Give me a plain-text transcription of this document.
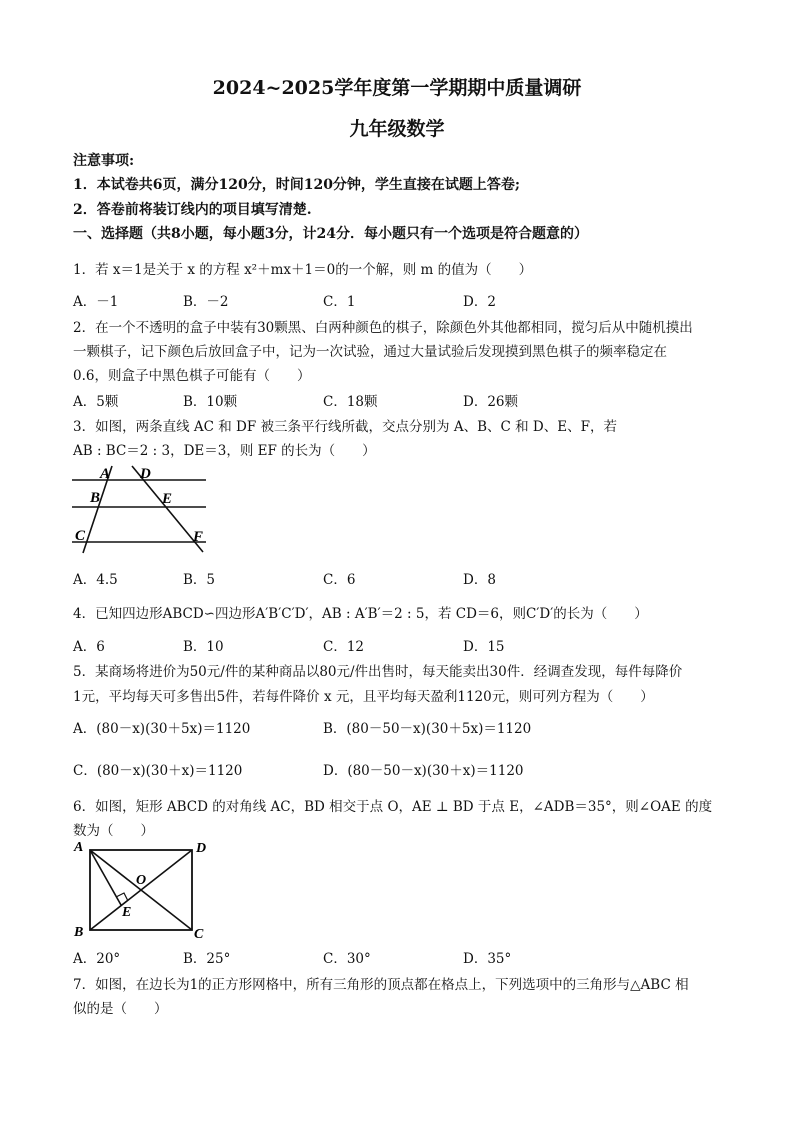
2024~2025学年度第一学期期中质量调研
九年级数学
注意事项:
1．本试卷共6页，满分120分，时间120分钟，学生直接在试题上答卷;
2．答卷前将装订线内的项目填写清楚.
一、选择题（共8小题，每小题3分，计24分．每小题只有一个选项是符合题意的）
1．若 x＝1是关于 x 的方程 x²＋mx＋1＝0的一个解，则 m 的值为（　　）
A．－1	B．－2	C．1	D．2
2．在一个不透明的盒子中装有30颗黑、白两种颜色的棋子，除颜色外其他都相同，搅匀后从中随机摸出
一颗棋子，记下颜色后放回盒子中，记为一次试验，通过大量试验后发现摸到黑色棋子的频率稳定在
0.6，则盒子中黑色棋子可能有（　　）
A．5颗	B．10颗	C．18颗	D．26颗
3．如图，两条直线 AC 和 DF 被三条平行线所截，交点分别为 A、B、C 和 D、E、F，若
AB : BC＝2 : 3，DE＝3，则 EF 的长为（　　）
A D
B	E
C	F
A．4.5	B．5	C．6	D．8
4．已知四边形ABCD∽四边形A′B′C′D′，AB : A′B′＝2 : 5，若 CD＝6，则C′D′的长为（　　）
A．6	B．10	C．12	D．15
5．某商场将进价为50元/件的某种商品以80元/件出售时，每天能卖出30件．经调查发现，每件每降价
1元，平均每天可多售出5件，若每件降价 x 元，且平均每天盈利1120元，则可列方程为（　　）
A．(80－x)(30＋5x)＝1120	B．(80－50－x)(30＋5x)＝1120
C．(80－x)(30＋x)＝1120	D．(80－50－x)(30＋x)＝1120
6．如图，矩形 ABCD 的对角线 AC，BD 相交于点 O，AE ⊥ BD 于点 E，∠ADB＝35°，则∠OAE 的度
数为（　　）
A	D
O
E
B	C
A．20°	B．25°	C．30°	D．35°
7．如图，在边长为1的正方形网格中，所有三角形的顶点都在格点上，下列选项中的三角形与△ABC 相
似的是（　　）
